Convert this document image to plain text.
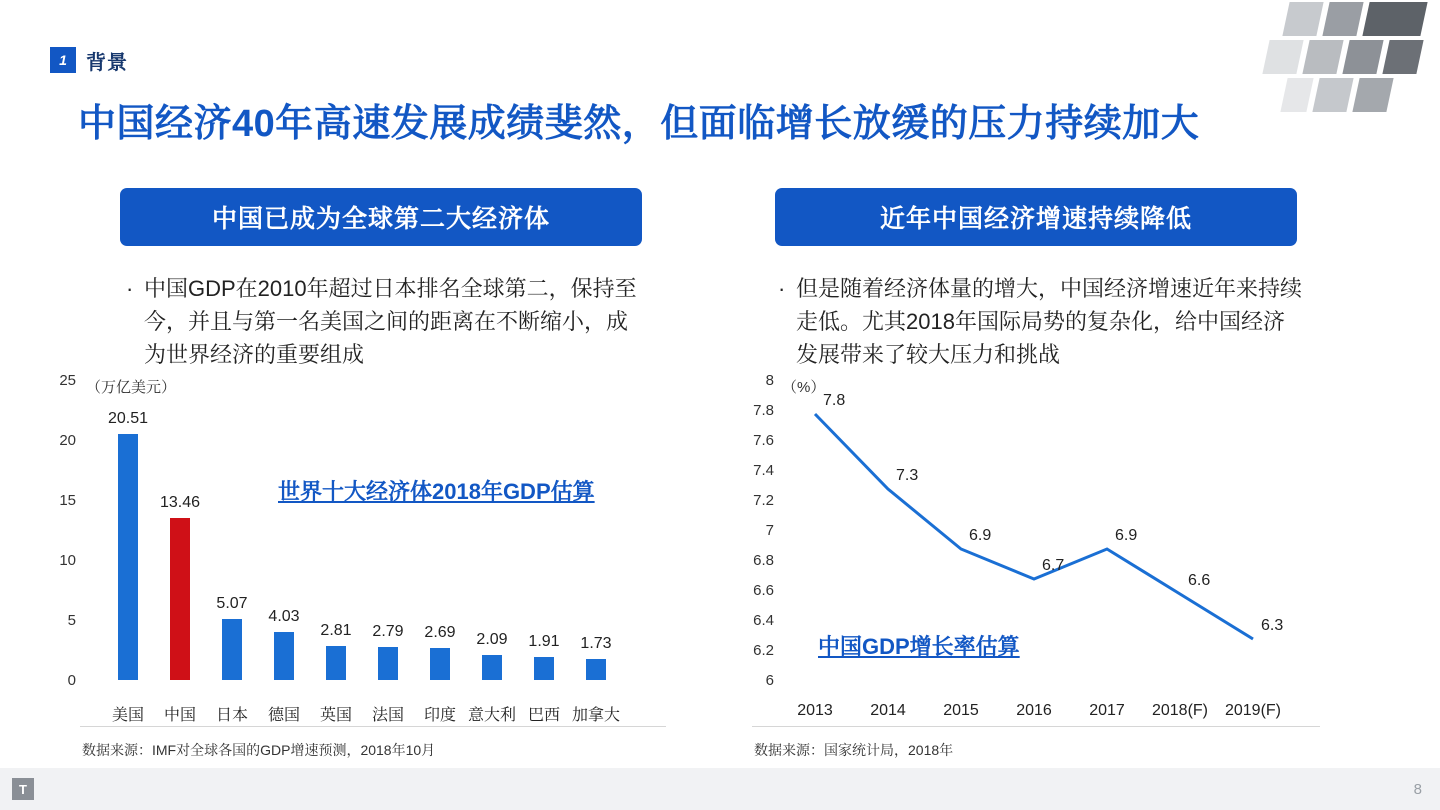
1 背景
中国经济40年高速发展成绩斐然，但面临增长放缓的压力持续加大
中国已成为全球第二大经济体
· 中国GDP在2010年超过日本排名全球第二，保持至今，并且与第一名美国之间的距离在不断缩小，成为世界经济的重要组成
（万亿美元）
25
20
15
10
5
0
世界十大经济体2018年GDP估算
20.51
13.46
5.07
4.03
2.81	2.79	2.69	2.09	1.91	1.73
美国	中国	日本	德国	英国	法国	印度 意大利 巴西 加拿大
数据来源：IMF对全球各国的GDP增速预测，2018年10月
近年中国经济增速持续降低
· 但是随着经济体量的增大，中国经济增速近年来持续走低。尤其2018年国际局势的复杂化，给中国经济发展带来了较大压力和挑战
（%）
8
7.8
7.6
7.4
7.2
7
6.8
6.6
6.4
6.2
6
中国GDP增长率估算
7.8
7.3
6.9
6.7
6.9
6.6
6.3
2013	2014	2015	2016	2017	2018(F) 2019(F)
数据来源：国家统计局，2018年
T	8
